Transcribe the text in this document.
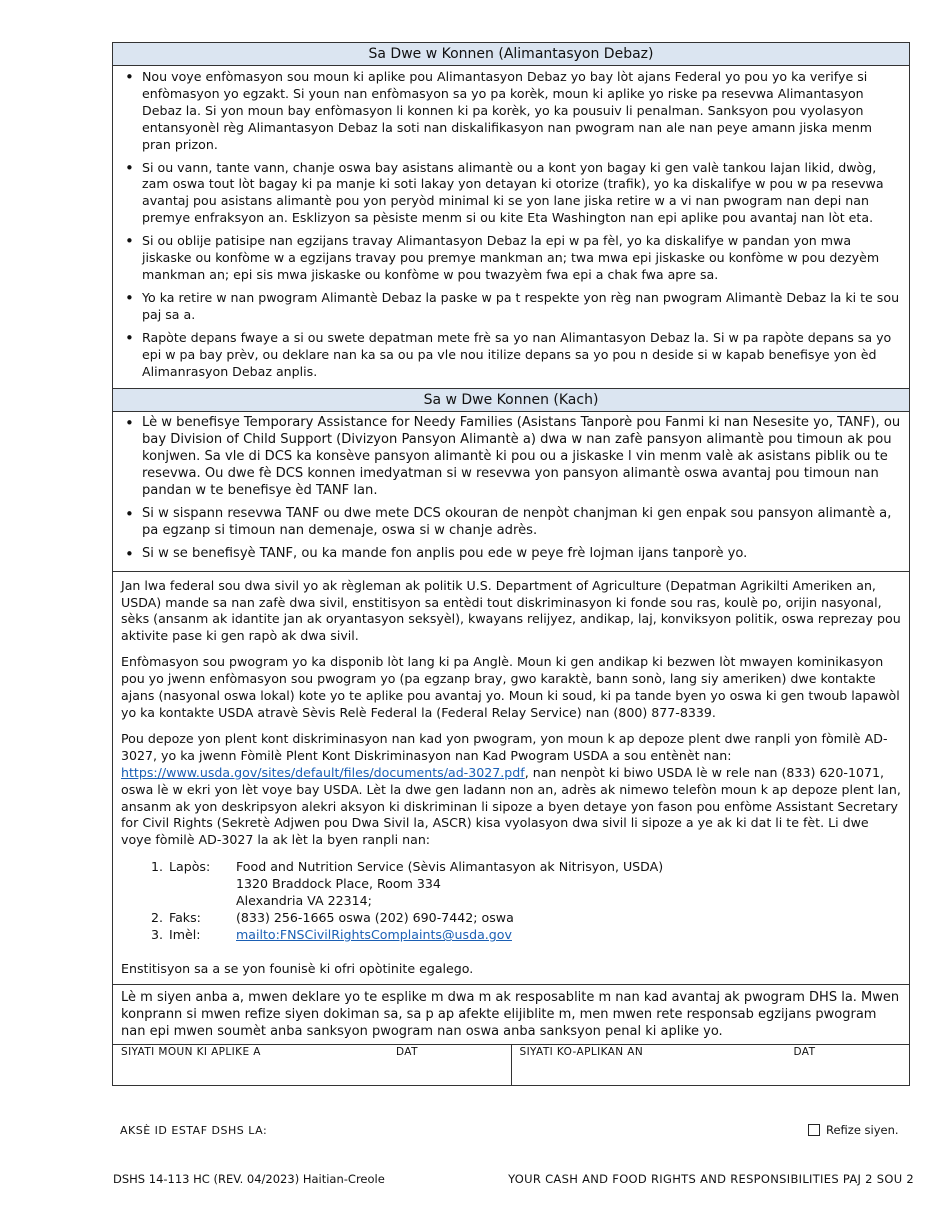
Sa Dwe w Konnen (Alimantasyon Debaz)
• Nou voye enfòmasyon sou moun ki aplike pou Alimantasyon Debaz yo bay lòt ajans Federal yo pou yo ka verifye si enfòmasyon yo egzakt. Si youn nan enfòmasyon sa yo pa korèk, moun ki aplike yo riske pa resevwa Alimantasyon Debaz la. Si yon moun bay enfòmasyon li konnen ki pa korèk, yo ka pousuiv li penalman. Sanksyon pou vyolasyon entansyonèl règ Alimantasyon Debaz la soti nan diskalifikasyon nan pwogram nan ale nan peye amann jiska menm pran prizon.
• Si ou vann, tante vann, chanje oswa bay asistans alimantè ou a kont yon bagay ki gen valè tankou lajan likid, dwòg, zam oswa tout lòt bagay ki pa manje ki soti lakay yon detayan ki otorize (trafik), yo ka diskalifye w pou w pa resevwa avantaj pou asistans alimantè pou yon peryòd minimal ki se yon lane jiska retire w a vi nan pwogram nan depi nan premye enfraksyon an. Esklizyon sa pèsiste menm si ou kite Eta Washington nan epi aplike pou avantaj nan lòt eta.
• Si ou oblije patisipe nan egzijans travay Alimantasyon Debaz la epi w pa fèl, yo ka diskalifye w pandan yon mwa jiskaske ou konfòme w a egzijans travay pou premye mankman an; twa mwa epi jiskaske ou konfòme w pou dezyèm mankman an; epi sis mwa jiskaske ou konfòme w pou twazyèm fwa epi a chak fwa apre sa.
• Yo ka retire w nan pwogram Alimantè Debaz la paske w pa t respekte yon règ nan pwogram Alimantè Debaz la ki te sou paj sa a.
• Rapòte depans fwaye a si ou swete depatman mete frè sa yo nan Alimantasyon Debaz la. Si w pa rapòte depans sa yo epi w pa bay prèv, ou deklare nan ka sa ou pa vle nou itilize depans sa yo pou n deside si w kapab benefisye yon èd Alimanrasyon Debaz anplis.
Sa w Dwe Konnen (Kach)
• Lè w benefisye Temporary Assistance for Needy Families (Asistans Tanporè pou Fanmi ki nan Nesesite yo, TANF), ou bay Division of Child Support (Divizyon Pansyon Alimantè a) dwa w nan zafè pansyon alimantè pou timoun ak pou konjwen. Sa vle di DCS ka konsève pansyon alimantè ki pou ou a jiskaske l vin menm valè ak asistans piblik ou te resevwa. Ou dwe fè DCS konnen imedyatman si w resevwa yon pansyon alimantè oswa avantaj pou timoun nan pandan w te benefisye èd TANF lan.
• Si w sispann resevwa TANF ou dwe mete DCS okouran de nenpòt chanjman ki gen enpak sou pansyon alimantè a, pa egzanp si timoun nan demenaje, oswa si w chanje adrès.
• Si w se benefisyè TANF, ou ka mande fon anplis pou ede w peye frè lojman ijans tanporè yo.

Jan lwa federal sou dwa sivil yo ak règleman ak politik U.S. Department of Agriculture (Depatman Agrikilti Ameriken an, USDA) mande sa nan zafè dwa sivil, enstitisyon sa entèdi tout diskriminasyon ki fonde sou ras, koulè po, orijin nasyonal, sèks (ansanm ak idantite jan ak oryantasyon seksyèl), kwayans relijyez, andikap, laj, konviksyon politik, oswa reprezay pou aktivite pase ki gen rapò ak dwa sivil.

Enfòmasyon sou pwogram yo ka disponib lòt lang ki pa Anglè. Moun ki gen andikap ki bezwen lòt mwayen kominikasyon pou yo jwenn enfòmasyon sou pwogram yo (pa egzanp bray, gwo karaktè, bann sonò, lang siy ameriken) dwe kontakte ajans (nasyonal oswa lokal) kote yo te aplike pou avantaj yo. Moun ki soud, ki pa tande byen yo oswa ki gen twoub lapawòl yo ka kontakte USDA atravè Sèvis Relè Federal la (Federal Relay Service) nan (800) 877-8339.

Pou depoze yon plent kont diskriminasyon nan kad yon pwogram, yon moun k ap depoze plent dwe ranpli yon fòmilè AD-3027, yo ka jwenn Fòmilè Plent Kont Diskriminasyon nan Kad Pwogram USDA a sou entènèt nan: https://www.usda.gov/sites/default/files/documents/ad-3027.pdf, nan nenpòt ki biwo USDA lè w rele nan (833) 620-1071, oswa lè w ekri yon lèt voye bay USDA. Lèt la dwe gen ladann non an, adrès ak nimewo telefòn moun k ap depoze plent lan, ansanm ak yon deskripsyon alekri aksyon ki diskriminan li sipoze a byen detaye yon fason pou enfòme Assistant Secretary for Civil Rights (Sekretè Adjwen pou Dwa Sivil la, ASCR) kisa vyolasyon dwa sivil li sipoze a ye ak ki dat li te fèt. Li dwe voye fòmilè AD-3027 la ak lèt la byen ranpli nan:

1. Lapòs:	Food and Nutrition Service (Sèvis Alimantasyon ak Nitrisyon, USDA)
1320 Braddock Place, Room 334
Alexandria VA 22314;
2. Faks:	(833) 256-1665 oswa (202) 690-7442; oswa
3. Imèl:	mailto:FNSCivilRightsComplaints@usda.gov

Enstitisyon sa a se yon founisè ki ofri opòtinite egalego.

Lè m siyen anba a, mwen deklare yo te esplike m dwa m ak resposablite m nan kad avantaj ak pwogram DHS la. Mwen konprann si mwen refize siyen dokiman sa, sa p ap afekte elijiblite m, men mwen rete responsab egzijans pwogram nan epi mwen soumèt anba sanksyon pwogram nan oswa anba sanksyon penal ki aplike yo.

SIYATI MOUN KI APLIKE A	DAT	SIYATI KO-APLIKAN AN	DAT
AKSÈ ID ESTAF DSHS LA:	Refize siyen.
DSHS 14-113 HC (REV. 04/2023) Haitian-Creole	YOUR CASH AND FOOD RIGHTS AND RESPONSIBILITIES PAJ 2 SOU 2
